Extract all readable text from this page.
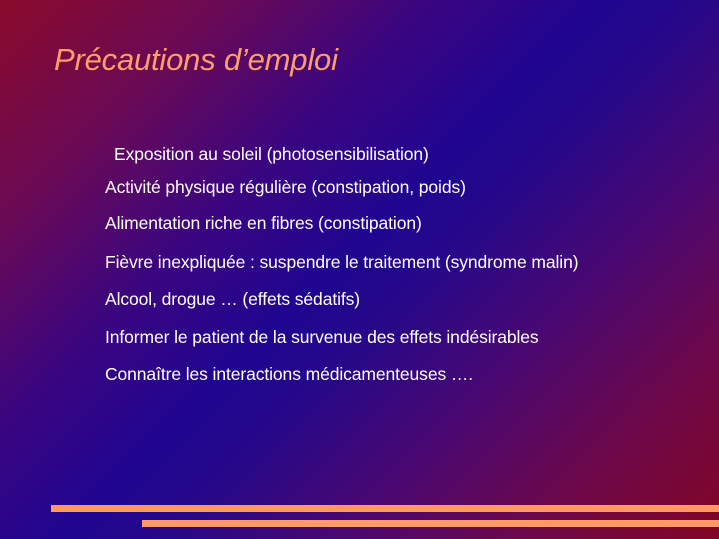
Précautions d’emploi
Exposition au soleil (photosensibilisation)
Activité physique régulière (constipation, poids)
Alimentation riche en fibres (constipation)
Fièvre inexpliquée : suspendre le traitement (syndrome malin)
Alcool, drogue … (effets sédatifs)
Informer le patient de la survenue des effets indésirables
Connaître les interactions médicamenteuses ….
